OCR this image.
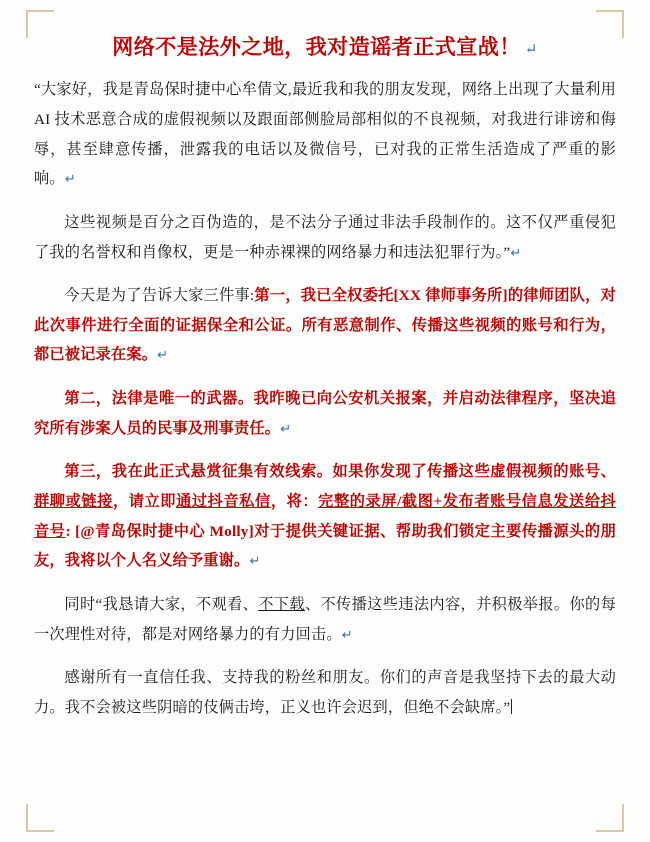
网络不是法外之地，我对造谣者正式宣战！ ↵

“大家好，我是青岛保时捷中心牟倩文,最近我和我的朋友发现，网络上出现了大量利用 AI 技术恶意合成的虚假视频以及跟面部侧脸局部相似的不良视频，对我进行诽谤和侮辱，甚至肆意传播，泄露我的电话以及微信号，已对我的正常生活造成了严重的影响。↵

这些视频是百分之百伪造的，是不法分子通过非法手段制作的。这不仅严重侵犯了我的名誉权和肖像权，更是一种赤裸裸的网络暴力和违法犯罪行为。”↵

今天是为了告诉大家三件事:第一，我已全权委托[XX 律师事务所]的律师团队，对此次事件进行全面的证据保全和公证。所有恶意制作、传播这些视频的账号和行为，都已被记录在案。↵

第二，法律是唯一的武器。我昨晚已向公安机关报案，并启动法律程序，坚决追究所有涉案人员的民事及刑事责任。↵

第三，我在此正式悬赏征集有效线索。如果你发现了传播这些虚假视频的账号、群聊或链接，请立即通过抖音私信，将：完整的录屏/截图+发布者账号信息发送给抖音号: [@青岛保时捷中心 Molly]对于提供关键证据、帮助我们锁定主要传播源头的朋友，我将以个人名义给予重谢。↵

同时“我恳请大家，不观看、不下载、不传播这些违法内容，并积极举报。你的每一次理性对待，都是对网络暴力的有力回击。↵

感谢所有一直信任我、支持我的粉丝和朋友。你们的声音是我坚持下去的最大动力。我不会被这些阴暗的伎俩击垮，正义也许会迟到，但绝不会缺席。”
